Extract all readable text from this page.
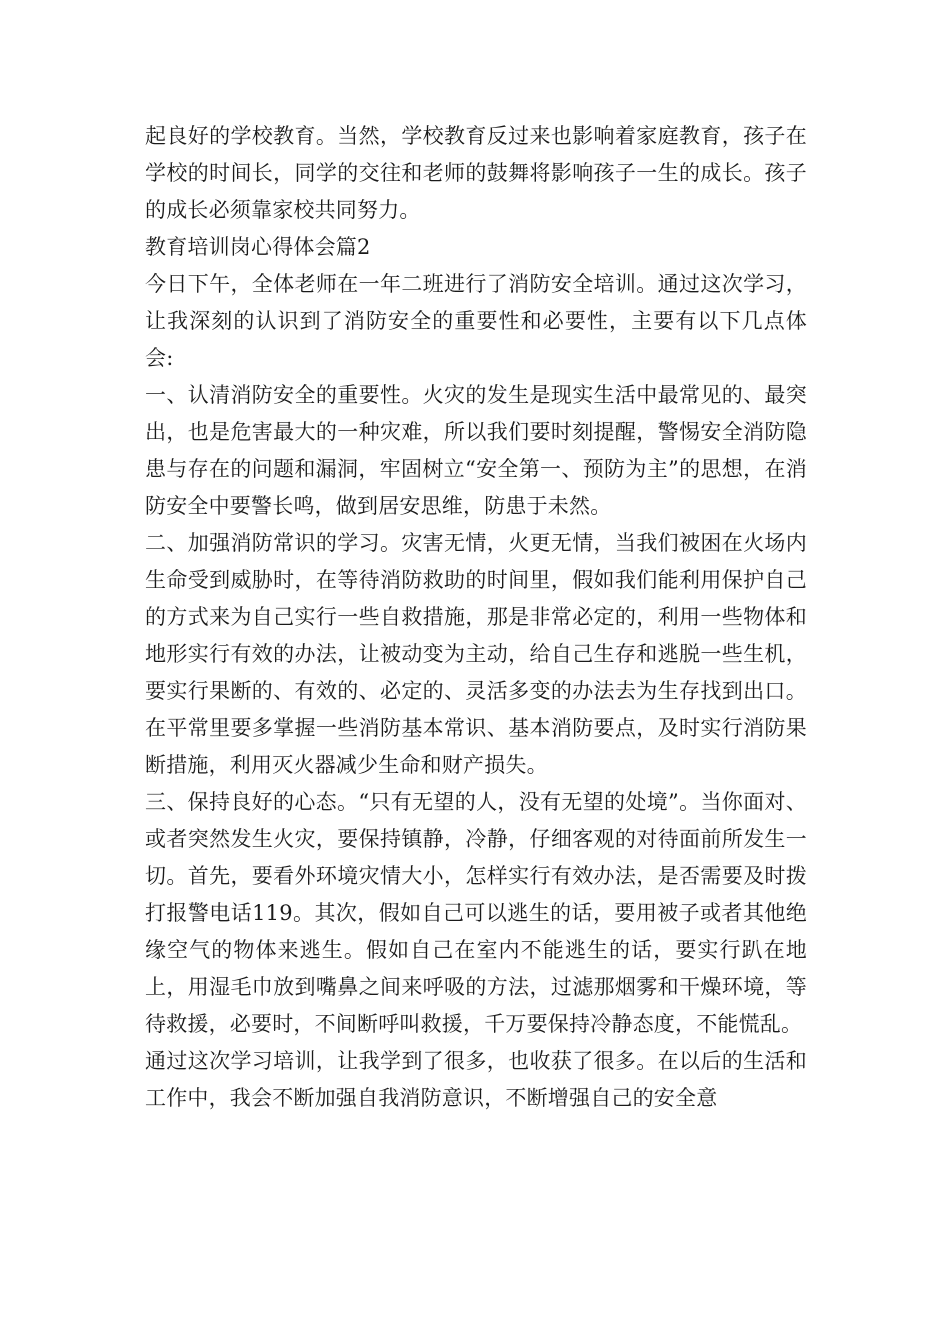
起良好的学校教育。当然，学校教育反过来也影响着家庭教育，孩子在学校的时间长，同学的交往和老师的鼓舞将影响孩子一生的成长。孩子的成长必须靠家校共同努力。

教育培训岗心得体会篇2

今日下午，全体老师在一年二班进行了消防安全培训。通过这次学习，让我深刻的认识到了消防安全的重要性和必要性，主要有以下几点体会:

一、认清消防安全的重要性。火灾的发生是现实生活中最常见的、最突出，也是危害最大的一种灾难，所以我们要时刻提醒，警惕安全消防隐患与存在的问题和漏洞，牢固树立“安全第一、预防为主”的思想，在消防安全中要警长鸣，做到居安思维，防患于未然。

二、加强消防常识的学习。灾害无情，火更无情，当我们被困在火场内生命受到威胁时，在等待消防救助的时间里，假如我们能利用保护自己的方式来为自己实行一些自救措施，那是非常必定的，利用一些物体和地形实行有效的办法，让被动变为主动，给自己生存和逃脱一些生机，要实行果断的、有效的、必定的、灵活多变的办法去为生存找到出口。在平常里要多掌握一些消防基本常识、基本消防要点，及时实行消防果断措施，利用灭火器减少生命和财产损失。

三、保持良好的心态。“只有无望的人，没有无望的处境”。当你面对、或者突然发生火灾，要保持镇静，冷静，仔细客观的对待面前所发生一切。首先，要看外环境灾情大小，怎样实行有效办法，是否需要及时拨打报警电话119。其次，假如自己可以逃生的话，要用被子或者其他绝缘空气的物体来逃生。假如自己在室内不能逃生的话，要实行趴在地上，用湿毛巾放到嘴鼻之间来呼吸的方法，过滤那烟雾和干燥环境，等待救援，必要时，不间断呼叫救援，千万要保持冷静态度，不能慌乱。

通过这次学习培训，让我学到了很多，也收获了很多。在以后的生活和工作中，我会不断加强自我消防意识，不断增强自己的安全意
